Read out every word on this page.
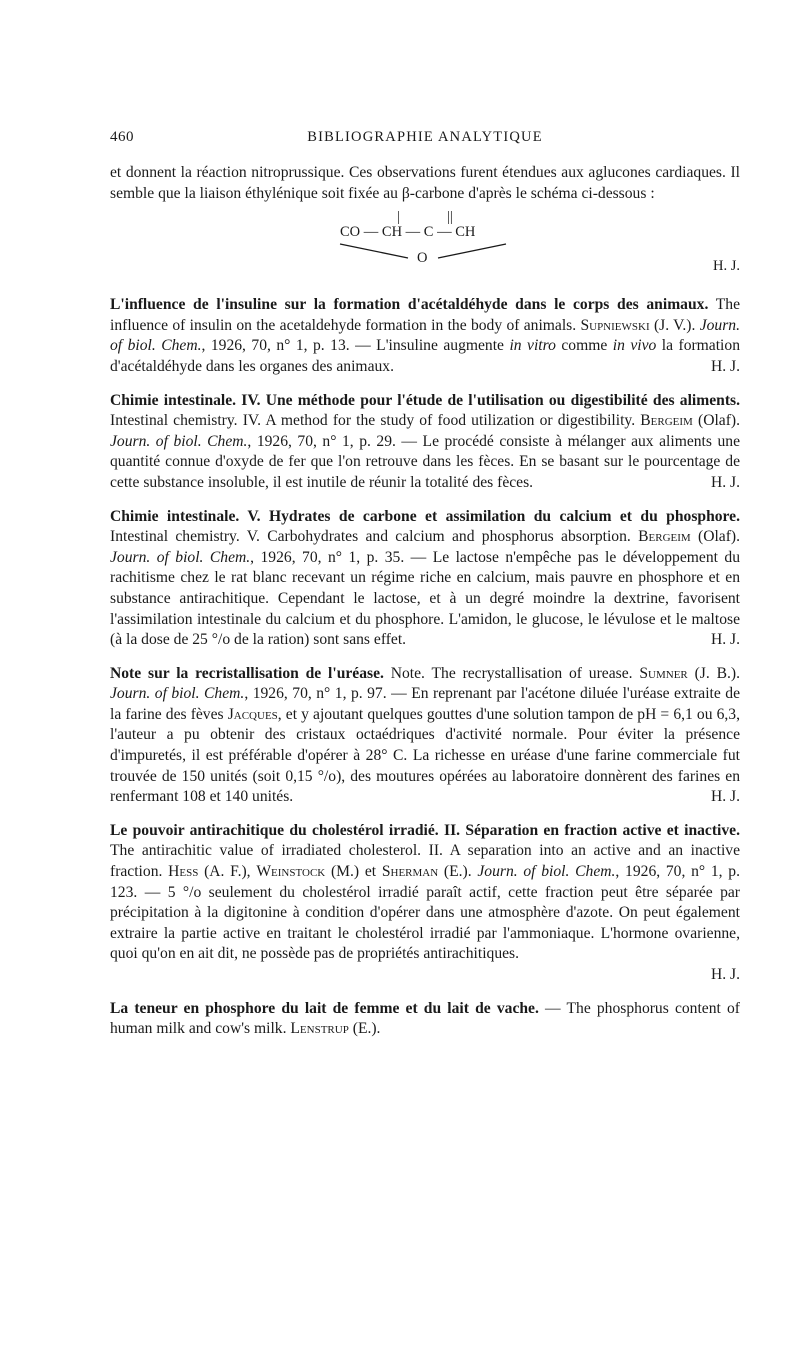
460	BIBLIOGRAPHIE ANALYTIQUE

et donnent la réaction nitroprussique. Ces observations furent étendues aux aglucones cardiaques. Il semble que la liaison éthylénique soit fixée au β-carbone d'après le schéma ci-dessous :

|             ||
CO — CH — C — CH
O	H. J.

L'influence de l'insuline sur la formation d'acétaldéhyde dans le corps des animaux. The influence of insulin on the acetaldehyde formation in the body of animals. Supniewski (J. V.). Journ. of biol. Chem., 1926, 70, n° 1, p. 13. — L'insuline augmente in vitro comme in vivo la formation d'acétaldéhyde dans les organes des animaux.	H. J.

Chimie intestinale. IV. Une méthode pour l'étude de l'utilisation ou digestibilité des aliments. Intestinal chemistry. IV. A method for the study of food utilization or digestibility. Bergeim (Olaf). Journ. of biol. Chem., 1926, 70, n° 1, p. 29. — Le procédé consiste à mélanger aux aliments une quantité connue d'oxyde de fer que l'on retrouve dans les fèces. En se basant sur le pourcentage de cette substance insoluble, il est inutile de réunir la totalité des fèces.	H. J.

Chimie intestinale. V. Hydrates de carbone et assimilation du calcium et du phosphore. Intestinal chemistry. V. Carbohydrates and calcium and phosphorus absorption. Bergeim (Olaf). Journ. of biol. Chem., 1926, 70, n° 1, p. 35. — Le lactose n'empêche pas le développement du rachitisme chez le rat blanc recevant un régime riche en calcium, mais pauvre en phosphore et en substance antirachitique. Cependant le lactose, et à un degré moindre la dextrine, favorisent l'assimilation intestinale du calcium et du phosphore. L'amidon, le glucose, le lévulose et le maltose (à la dose de 25 °/o de la ration) sont sans effet.	H. J.

Note sur la recristallisation de l'uréase. Note. The recrystallisation of urease. Sumner (J. B.). Journ. of biol. Chem., 1926, 70, n° 1, p. 97. — En reprenant par l'acétone diluée l'uréase extraite de la farine des fèves Jacques, et y ajoutant quelques gouttes d'une solution tampon de pH = 6,1 ou 6,3, l'auteur a pu obtenir des cristaux octaédriques d'activité normale. Pour éviter la présence d'impuretés, il est préférable d'opérer à 28° C. La richesse en uréase d'une farine commerciale fut trouvée de 150 unités (soit 0,15 °/o), des moutures opérées au laboratoire donnèrent des farines en renfermant 108 et 140 unités.	H. J.

Le pouvoir antirachitique du cholestérol irradié. II. Séparation en fraction active et inactive. The antirachitic value of irradiated cholesterol. II. A separation into an active and an inactive fraction. Hess (A. F.), Weinstock (M.) et Sherman (E.). Journ. of biol. Chem., 1926, 70, n° 1, p. 123. — 5 °/o seulement du cholestérol irradié paraît actif, cette fraction peut être séparée par précipitation à la digitonine à condition d'opérer dans une atmosphère d'azote. On peut également extraire la partie active en traitant le cholestérol irradié par l'ammoniaque. L'hormone ovarienne, quoi qu'on en ait dit, ne possède pas de propriétés antirachitiques.

H. J.

La teneur en phosphore du lait de femme et du lait de vache. — The phosphorus content of human milk and cow's milk. Lenstrup (E.).
